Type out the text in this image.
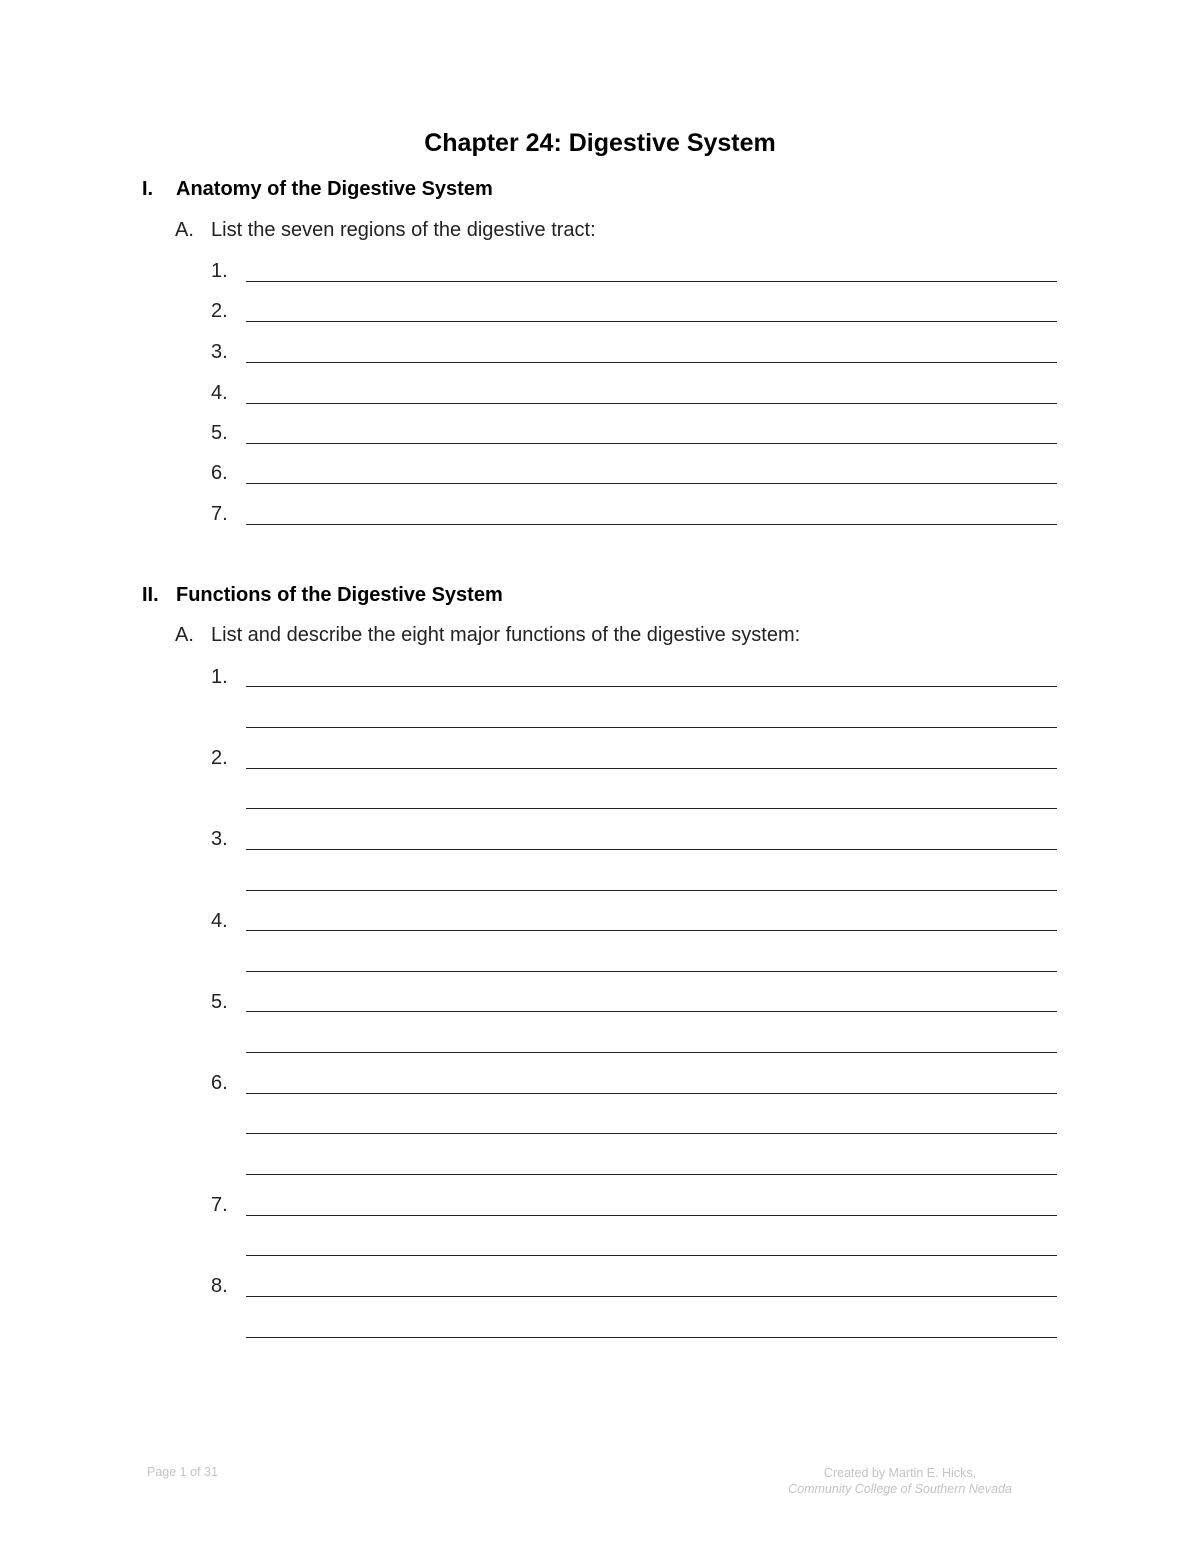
Chapter 24: Digestive System
I. Anatomy of the Digestive System
A. List the seven regions of the digestive tract:
1.
2.
3.
4.
5.
6.
7.
II. Functions of the Digestive System
A. List and describe the eight major functions of the digestive system:
1.
2.
3.
4.
5.
6.
7.
8.
Page 1 of 31	Created by Martin E. Hicks,
Community College of Southern Nevada
